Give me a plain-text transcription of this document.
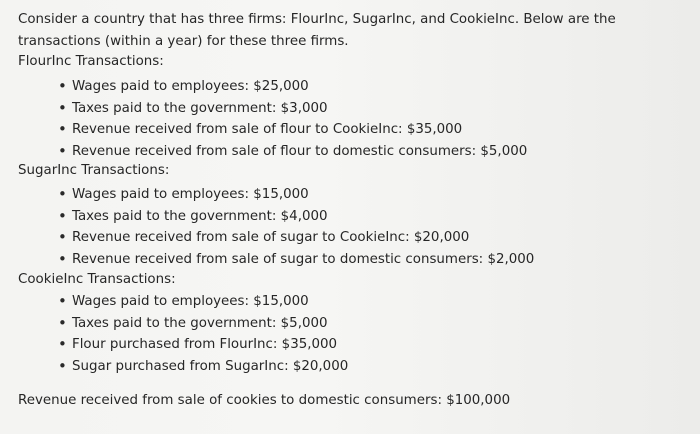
Consider a country that has three firms: FlourInc, SugarInc, and CookieInc. Below are the transactions (within a year) for these three firms.

FlourInc Transactions:

• Wages paid to employees: $25,000
• Taxes paid to the government: $3,000
• Revenue received from sale of flour to CookieInc: $35,000
• Revenue received from sale of flour to domestic consumers: $5,000

SugarInc Transactions:

• Wages paid to employees: $15,000
• Taxes paid to the government: $4,000
• Revenue received from sale of sugar to CookieInc: $20,000
• Revenue received from sale of sugar to domestic consumers: $2,000

CookieInc Transactions:

• Wages paid to employees: $15,000
• Taxes paid to the government: $5,000
• Flour purchased from FlourInc: $35,000
• Sugar purchased from SugarInc: $20,000

Revenue received from sale of cookies to domestic consumers: $100,000
